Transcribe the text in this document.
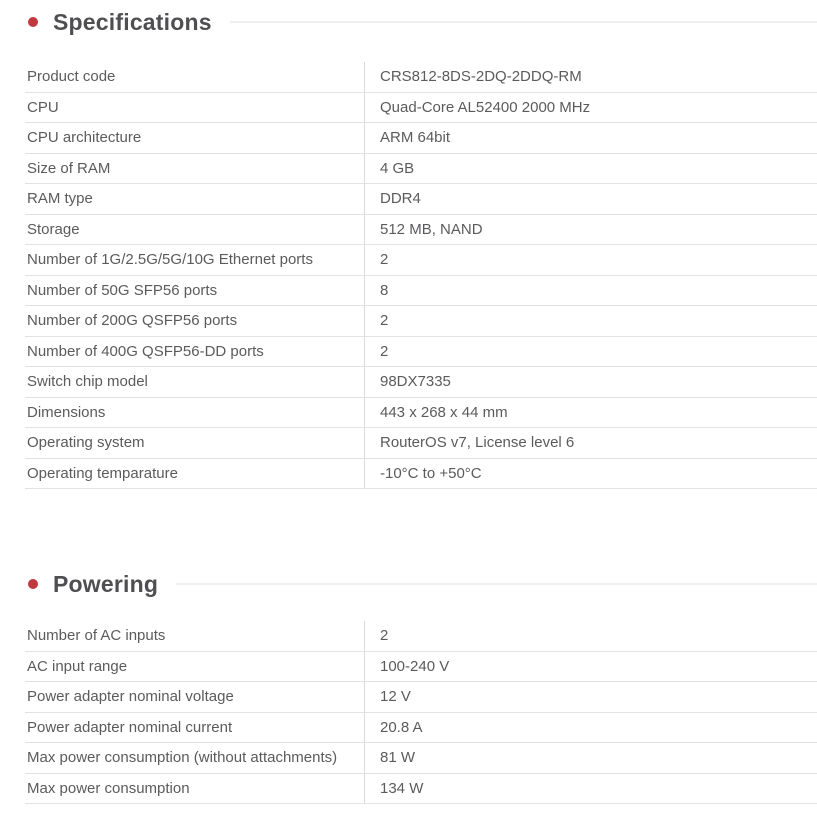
Specifications
Product code	CRS812-8DS-2DQ-2DDQ-RM
CPU	Quad-Core AL52400 2000 MHz
CPU architecture	ARM 64bit
Size of RAM	4 GB
RAM type	DDR4
Storage	512 MB, NAND
Number of 1G/2.5G/5G/10G Ethernet ports	2
Number of 50G SFP56 ports	8
Number of 200G QSFP56 ports	2
Number of 400G QSFP56-DD ports	2
Switch chip model	98DX7335
Dimensions	443 x 268 x 44 mm
Operating system	RouterOS v7, License level 6
Operating temparature	-10°C to +50°C
Powering
Number of AC inputs	2
AC input range	100-240 V
Power adapter nominal voltage	12 V
Power adapter nominal current	20.8 A
Max power consumption (without attachments)	81 W
Max power consumption	134 W
